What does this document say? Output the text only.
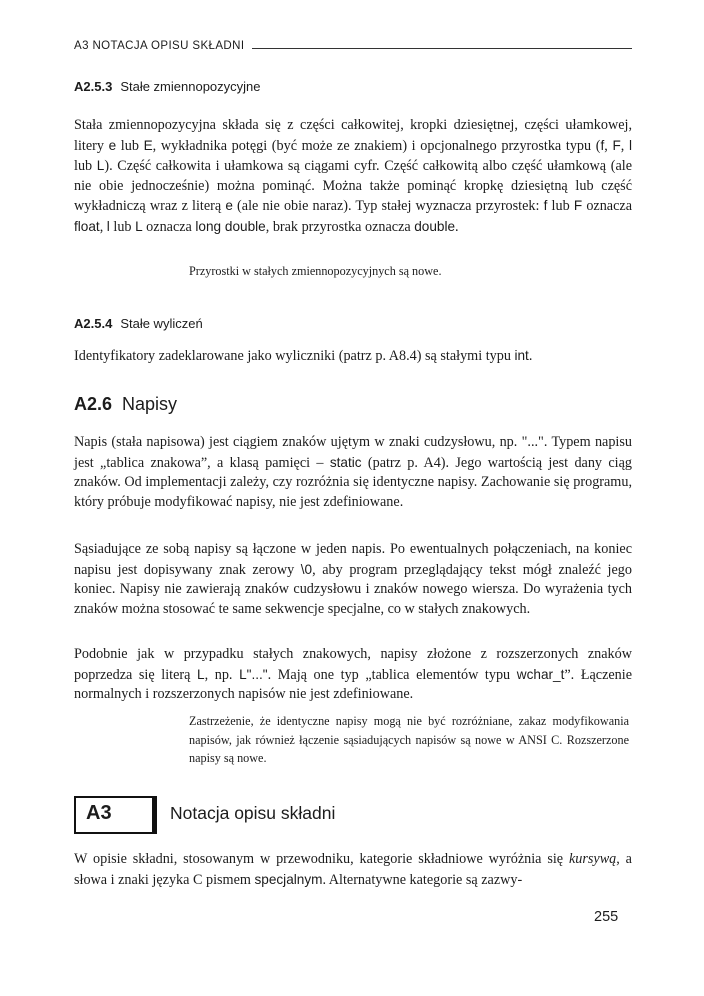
A3 NOTACJA OPISU SKŁADNI
A2.5.3 Stałe zmiennopozycyjne

Stała zmiennopozycyjna składa się z części całkowitej, kropki dziesiętnej, części ułamkowej, litery e lub E, wykładnika potęgi (być może ze znakiem) i opcjonalnego przyrostka typu (f, F, l lub L). Część całkowita i ułamkowa są ciągami cyfr. Część całkowitą albo część ułamkową (ale nie obie jednocześnie) można pominąć. Można także pominąć kropkę dziesiętną lub część wykładniczą wraz z literą e (ale nie obie naraz). Typ stałej wyznacza przyrostek: f lub F oznacza float, l lub L oznacza long double, brak przyrostka oznacza double.

Przyrostki w stałych zmiennopozycyjnych są nowe.

A2.5.4 Stałe wyliczeń

Identyfikatory zadeklarowane jako wyliczniki (patrz p. A8.4) są stałymi typu int.

A2.6 Napisy

Napis (stała napisowa) jest ciągiem znaków ujętym w znaki cudzysłowu, np. "...". Typem napisu jest „tablica znakowa”, a klasą pamięci – static (patrz p. A4). Jego wartością jest dany ciąg znaków. Od implementacji zależy, czy rozróżnia się identyczne napisy. Zachowanie się programu, który próbuje modyfikować napisy, nie jest zdefiniowane.

Sąsiadujące ze sobą napisy są łączone w jeden napis. Po ewentualnych połączeniach, na koniec napisu jest dopisywany znak zerowy \0, aby program przeglądający tekst mógł znaleźć jego koniec. Napisy nie zawierają znaków cudzysłowu i znaków nowego wiersza. Do wyrażenia tych znaków można stosować te same sekwencje specjalne, co w stałych znakowych.

Podobnie jak w przypadku stałych znakowych, napisy złożone z rozszerzonych znaków poprzedza się literą L, np. L"...". Mają one typ „tablica elementów typu wchar_t”. Łączenie normalnych i rozszerzonych napisów nie jest zdefiniowane.

Zastrzeżenie, że identyczne napisy mogą nie być rozróżniane, zakaz modyfikowania napisów, jak również łączenie sąsiadujących napisów są nowe w ANSI C. Rozszerzone napisy są nowe.

A3	Notacja opisu składni

W opisie składni, stosowanym w przewodniku, kategorie składniowe wyróżnia się kursywą, a słowa i znaki języka C pismem specjalnym. Alternatywne kategorie są zazwy-

255
